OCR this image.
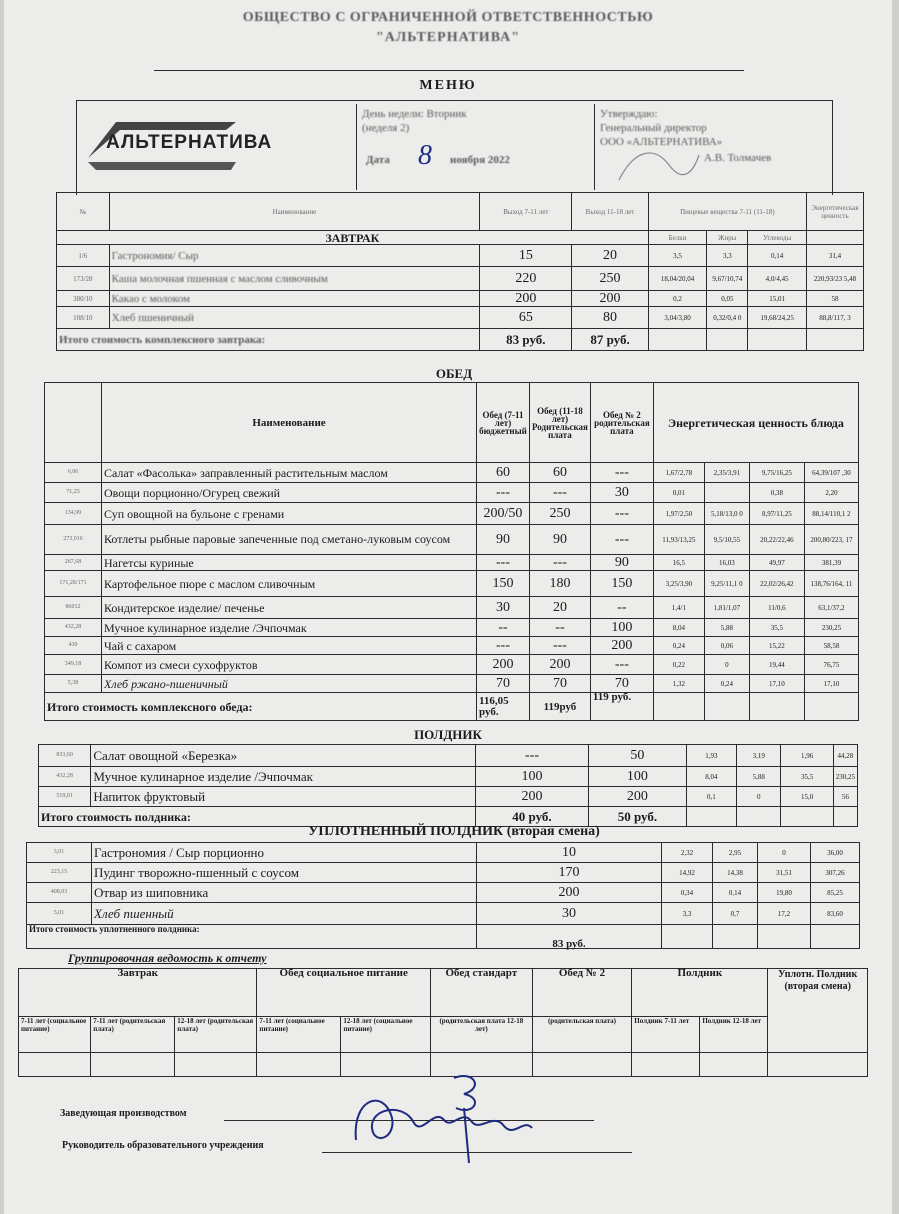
ОБЩЕСТВО С ОГРАНИЧЕННОЙ ОТВЕТСТВЕННОСТЬЮ
"АЛЬТЕРНАТИВА"
МЕНЮ
АЛЬТЕРНАТИВА
День недели: Вторник
(неделя 2)
Дата 8 ноября 2022
Утверждаю:
Генеральный директор
ООО «АЛЬТЕРНАТИВА»
А.В. Толмачев
№	Наименование	Выход 7-11 лет	Выход 11-18 лет	Пищевые вещества 7-11 (11-18)			Энергетическая ценность
ЗАВТРАК				Белки	Жиры	Углеводы	
1/6	Гастрономия/ Сыр	15	20	3,5	3,3	0,14	31,4
173/28	Каша молочная пшенная с маслом сливочным	220	250	18,04/20,04	9,67/10,74	4,0/4,45	220,93/23 5,48
380/10	Какао с молоком	200	200	0,2	0,05	15,01	58
108/10	Хлеб пшеничный	65	80	3,04/3,80	0,32/0,4 0	19,68/24,25	88,8/117, 3
Итого стоимость комплексного завтрака:		83 руб.	87 руб.				
ОБЕД
	Наименование	Обед (7-11 лет) бюджетный	Обед (11-18 лет) Родительская плата	Обед № 2 родительская плата	Энергетическая ценность блюда			
6,06	Салат «Фасолька» заправленный растительным маслом	60	60	---	1,67/2,78	2,35/3,91	9,75/16,25	64,39/107 ,30
71,25	Овощи порционно/Огурец свежий	---	---	30	0,01		0,38	2,20
134,99	Суп овощной на бульоне с гренами	200/50	250	---	1,97/2,50	5,18/13,0 0	8,97/11,25	88,14/110,1 2
273,016	Котлеты рыбные паровые запеченные под сметано-луковым соусом	90	90	---	11,93/13,25	9,5/10,55	20,22/22,46	200,80/223, 17
267,68	Нагетсы куриные	---	---	90	16,5	16,03	49,97	381,39
171,28/171	Картофельное пюре с маслом сливочным	150	180	150	3,25/3,90	9,25/11,1 0	22,02/26,42	138,76/164, 11
86012	Кондитерское изделие/ печенье	30	20	--	1,4/1	1,81/1,07	11/0,6	63,1/37,2
432,28	Мучное кулинарное изделие /Эчпочмак	--	--	100	8,04	5,88	35,5	230,25
430	Чай с сахаром	---	---	200	0,24	0,06	15,22	58,58
349,18	Компот из смеси сухофруктов	200	200	---	0,22	0	19,44	76,75
5,38	Хлеб ржано-пшеничный	70	70	70	1,32	0,24	17,10	17,10
Итого стоимость комплексного обеда:		116,05 руб.	119руб	119 руб.				
ПОЛДНИК
833,60	Салат овощной «Березка»	---	50	1,93	3,19	1,96	44,28
432,28	Мучное кулинарное изделие /Эчпочмак	100	100	8,04	5,88	35,5	230,25
519,01	Напиток фруктовый	200	200	0,1	0	15,0	56
Итого стоимость полдника:		40 руб.	50 руб.				
УПЛОТНЕННЫЙ ПОЛДНИК (вторая смена)
3,01	Гастрономия / Сыр порционно	10	2,32	2,95	0	36,00
223,15	Пудинг творожно-пшенный с соусом	170	14,92	14,38	31,51	307,26
408,03	Отвар из шиповника	200	0,34	0,14	19,80	85,25
5,01	Хлеб пшенный	30	3,3	0,7	17,2	83,60
Итого стоимость уплотненного полдника:		83 руб.				
Группировочная ведомость к отчету
Завтрак			Обед социальное питание		Обед стандарт	Обед № 2	Полдник		Уплотн. Полдник (вторая смена)
7-11 лет (социальное питание)	7-11 лет (родительская плата)	12-18 лет (родительская плата)	7-11 лет (социальное питание)	12-18 лет (социальное питание)	(родительская плата 12-18 лет)	(родительская плата)	Полдник 7-11 лет	Полдник 12-18 лет	

Заведующая производством
Руководитель образовательного учреждения
